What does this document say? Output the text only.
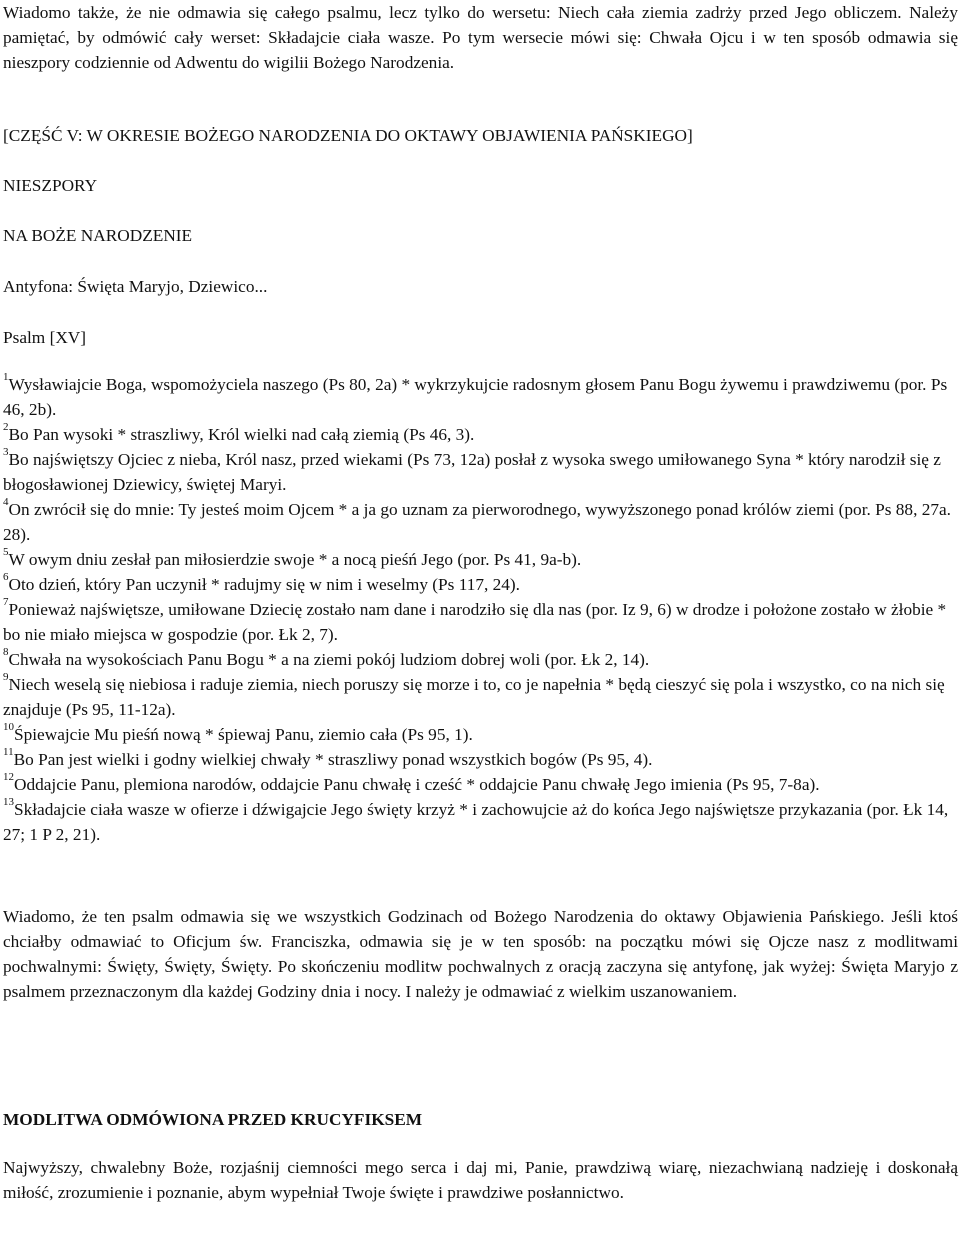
Wiadomo także, że nie odmawia się całego psalmu, lecz tylko do wersetu: Niech cała ziemia zadrży przed Jego obliczem. Należy pamiętać, by odmówić cały werset: Składajcie ciała wasze. Po tym wersecie mówi się: Chwała Ojcu i w ten sposób odmawia się nieszpory codziennie od Adwentu do wigilii Bożego Narodzenia.

[CZĘŚĆ V: W OKRESIE BOŻEGO NARODZENIA DO OKTAWY OBJAWIENIA PAŃSKIEGO]
NIESZPORY
NA BOŻE NARODZENIE
Antyfona: Święta Maryjo, Dziewico...
Psalm [XV]

$^1$Wysławiajcie Boga, wspomożyciela naszego (Ps 80, 2a) * wykrzykujcie radosnym głosem Panu Bogu żywemu i prawdziwemu (por. Ps 46, 2b).

$^2$Bo Pan wysoki * straszliwy, Król wielki nad całą ziemią (Ps 46, 3).

$^3$Bo najświętszy Ojciec z nieba, Król nasz, przed wiekami (Ps 73, 12a) posłał z wysoka swego umiłowanego Syna * który narodził się z błogosławionej Dziewicy, świętej Maryi.

$^4$On zwrócił się do mnie: Ty jesteś moim Ojcem * a ja go uznam za pierworodnego, wywyższonego ponad królów ziemi (por. Ps 88, 27a. 28).

$^5$W owym dniu zesłał pan miłosierdzie swoje * a nocą pieśń Jego (por. Ps 41, 9a-b).

$^6$Oto dzień, który Pan uczynił * radujmy się w nim i weselmy (Ps 117, 24).

$^7$Ponieważ najświętsze, umiłowane Dziecię zostało nam dane i narodziło się dla nas (por. Iz 9, 6) w drodze i położone zostało w żłobie * bo nie miało miejsca w gospodzie (por. Łk 2, 7).

$^8$Chwała na wysokościach Panu Bogu * a na ziemi pokój ludziom dobrej woli (por. Łk 2, 14).

$^9$Niech weselą się niebiosa i raduje ziemia, niech poruszy się morze i to, co je napełnia * będą cieszyć się pola i wszystko, co na nich się znajduje (Ps 95, 11-12a).

$^{10}$Śpiewajcie Mu pieśń nową * śpiewaj Panu, ziemio cała (Ps 95, 1).

$^{11}$Bo Pan jest wielki i godny wielkiej chwały * straszliwy ponad wszystkich bogów (Ps 95, 4).

$^{12}$Oddajcie Panu, plemiona narodów, oddajcie Panu chwałę i cześć * oddajcie Panu chwałę Jego imienia (Ps 95, 7-8a).

$^{13}$Składajcie ciała wasze w ofierze i dźwigajcie Jego święty krzyż * i zachowujcie aż do końca Jego najświętsze przykazania (por. Łk 14, 27; 1 P 2, 21).

Wiadomo, że ten psalm odmawia się we wszystkich Godzinach od Bożego Narodzenia do oktawy Objawienia Pańskiego. Jeśli ktoś chciałby odmawiać to Oficjum św. Franciszka, odmawia się je w ten sposób: na początku mówi się Ojcze nasz z modlitwami pochwalnymi: Święty, Święty, Święty. Po skończeniu modlitw pochwalnych z oracją zaczyna się antyfonę, jak wyżej: Święta Maryjo z psalmem przeznaczonym dla każdej Godziny dnia i nocy. I należy je odmawiać z wielkim uszanowaniem.

MODLITWA ODMÓWIONA PRZED KRUCYFIKSEM

Najwyższy, chwalebny Boże, rozjaśnij ciemności mego serca i daj mi, Panie, prawdziwą wiarę, niezachwianą nadzieję i doskonałą miłość, zrozumienie i poznanie, abym wypełniał Twoje święte i prawdziwe posłannictwo.
